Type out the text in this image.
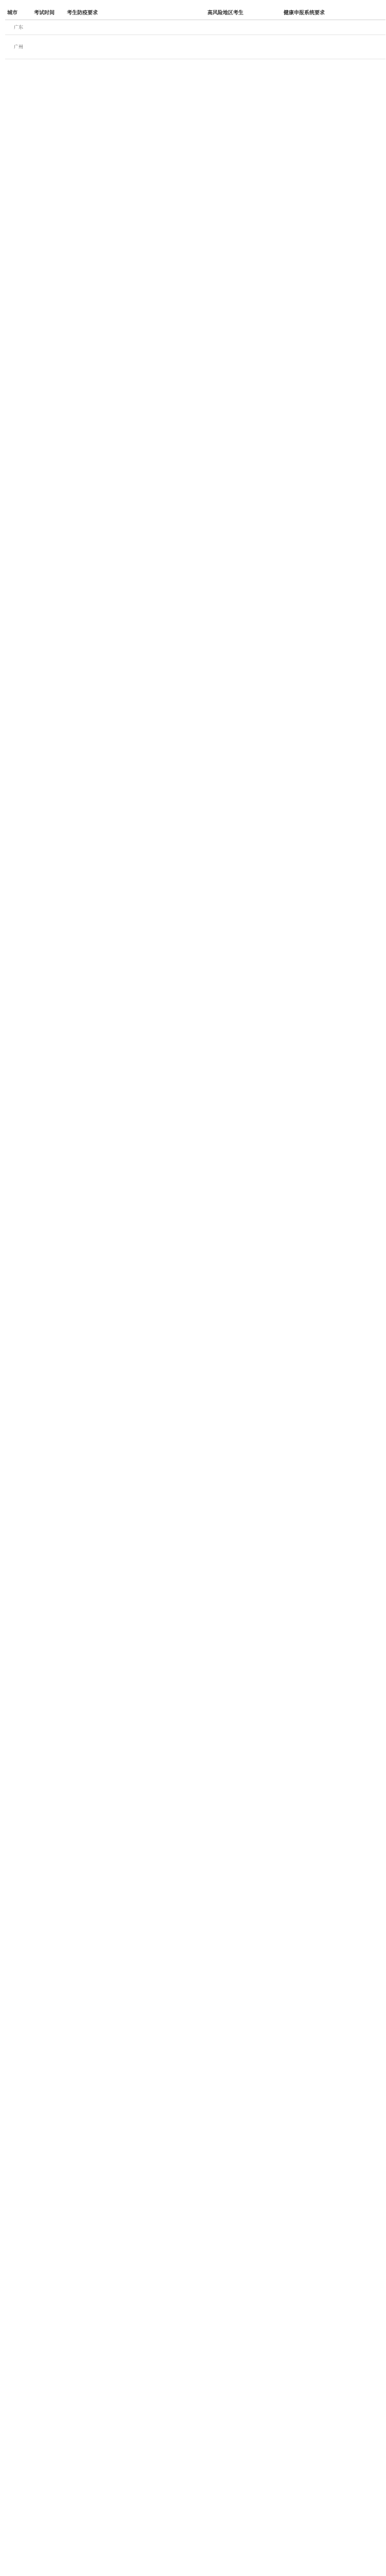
城市	考试时间	考生防疫要求	高风险地区考生	健康申报系统要求
广东				
广州				
